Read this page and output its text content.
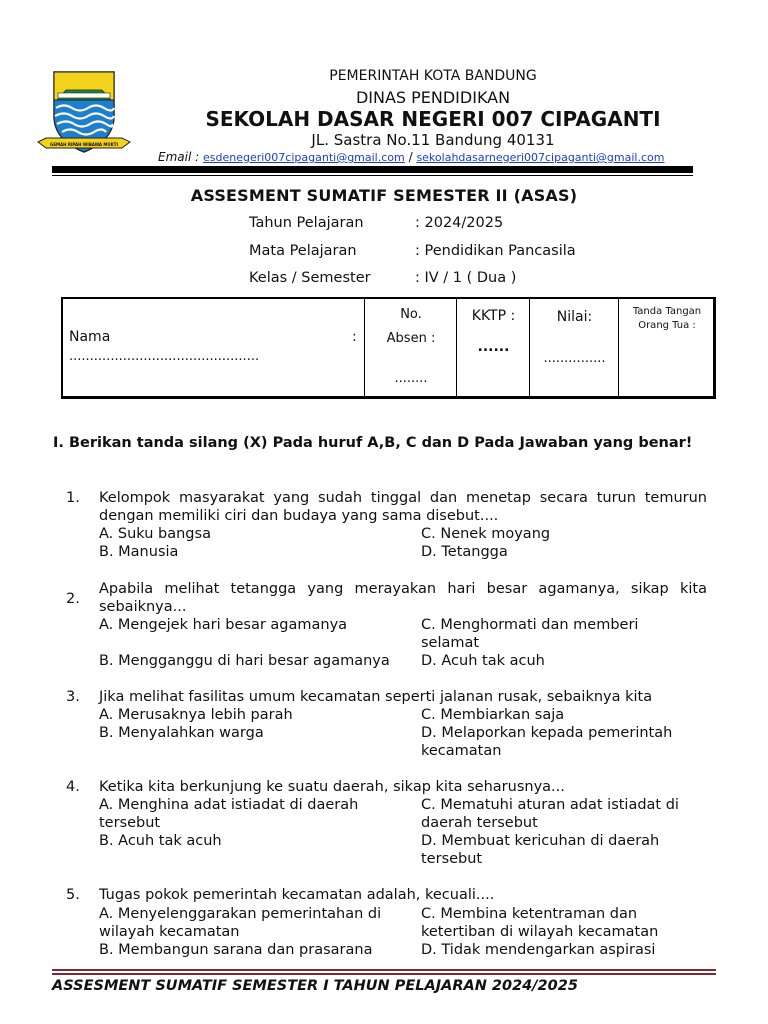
GEMAH RIPAH WIBAWA MUKTI
PEMERINTAH KOTA BANDUNG
DINAS PENDIDIKAN
SEKOLAH DASAR NEGERI 007 CIPAGANTI
JL. Sastra No.11 Bandung 40131
Email : esdenegeri007cipaganti@gmail.com / sekolahdasarnegeri007cipaganti@gmail.com
ASSESMENT SUMATIF SEMESTER II (ASAS)
Tahun Pelajaran	: 2024/2025
Mata Pelajaran	: Pendidikan Pancasila
Kelas / Semester	: IV / 1 ( Dua )
Nama	:
..............................................
No.
Absen :
........
KKTP :
......
Nilai:
...............
Tanda Tangan
Orang Tua :
I. Berikan tanda silang (X) Pada huruf A,B, C dan D Pada Jawaban yang benar!
1. Kelompok masyarakat yang sudah tinggal dan menetap secara turun temurun dengan memiliki ciri dan budaya yang sama disebut....
A. Suku bangsa
B. Manusia
C. Nenek moyang
D. Tetangga
2.
Apabila melihat tetangga yang merayakan hari besar agamanya, sikap kita sebaiknya...
A. Mengejek hari besar agamanya
B. Mengganggu di hari besar agamanya
C. Menghormati dan memberi selamat
D. Acuh tak acuh
3. Jika melihat fasilitas umum kecamatan seperti jalanan rusak, sebaiknya kita
A. Merusaknya lebih parah
B. Menyalahkan warga
C. Membiarkan saja
D. Melaporkan kepada pemerintah kecamatan
4. Ketika kita berkunjung ke suatu daerah, sikap kita seharusnya...
A. Menghina adat istiadat di daerah tersebut
B. Acuh tak acuh
C. Mematuhi aturan adat istiadat di daerah tersebut
D. Membuat kericuhan di daerah tersebut
5. Tugas pokok pemerintah kecamatan adalah, kecuali....
A. Menyelenggarakan pemerintahan di wilayah kecamatan
B. Membangun sarana dan prasarana
C. Membina ketentraman dan ketertiban di wilayah kecamatan
D. Tidak mendengarkan aspirasi
ASSESMENT SUMATIF SEMESTER I TAHUN PELAJARAN 2024/2025
